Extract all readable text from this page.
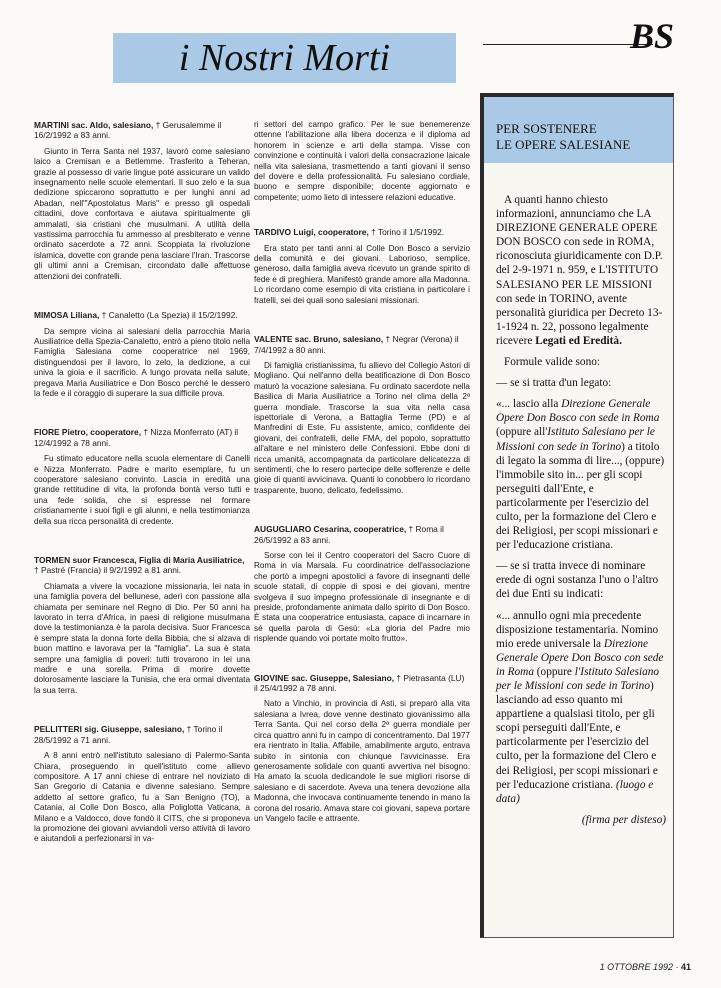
i Nostri Morti
BS

MARTINI sac. Aldo, salesiano, † Gerusalemme il 16/2/1992 a 83 anni.

Giunto in Terra Santa nel 1937, lavorò come salesiano laico a Cremisan e a Betlemme. Trasferito a Teheran, grazie al possesso di varie lingue poté assicurare un valido insegnamento nelle scuole elementari. Il suo zelo e la sua dedizione spiccarono soprattutto e per lunghi anni ad Abadan, nell'"Apostolatus Maris" e presso gli ospedali cittadini, dove confortava e aiutava spiritualmente gli ammalati, sia cristiani che musulmani. A utilità della vastissima parrocchia fu ammesso al presbiterato e venne ordinato sacerdote a 72 anni. Scoppiata la rivoluzione islamica, dovette con grande pena lasciare l'Iran. Trascorse gli ultimi anni a Cremisan, circondato dalle affettuose attenzioni dei confratelli.

MIMOSA Liliana, † Canaletto (La Spezia) il 15/2/1992.

Da sempre vicina ai salesiani della parrocchia Maria Ausiliatrice della Spezia-Canaletto, entrò a pieno titolo nella Famiglia Salesiana come cooperatrice nel 1969, distinguendosi per il lavoro, lo zelo, la dedizione, a cui univa la gioia e il sacrificio. A lungo provata nella salute, pregava Maria Ausiliatrice e Don Bosco perché le dessero la fede e il coraggio di superare la sua difficile prova.

FIORE Pietro, cooperatore, † Nizza Monferrato (AT) il 12/4/1992 a 78 anni.

Fu stimato educatore nella scuola elementare di Canelli e Nizza Monferrato. Padre e marito esemplare, fu un cooperatore salesiano convinto. Lascia in eredità una grande rettitudine di vita, la profonda bontà verso tutti e una fede solida, che si espresse nel formare cristianamente i suoi figli e gli alunni, e nella testimonianza della sua ricca personalità di credente.

TORMEN suor Francesca, Figlia di Maria Ausiliatrice, † Pastré (Francia) il 9/2/1992 a 81 anni.

Chiamata a vivere la vocazione missionaria, lei nata in una famiglia povera del bellunese, aderì con passione alla chiamata per seminare nel Regno di Dio. Per 50 anni ha lavorato in terra d'Africa, in paesi di religione musulmana dove la testimonianza è la parola decisiva. Suor Francesca è sempre stata la donna forte della Bibbia, che si alzava di buon mattino e lavorava per la "famiglia". La sua è stata sempre una famiglia di poveri: tutti trovarono in lei una madre e una sorella. Prima di morire dovette dolorosamente lasciare la Tunisia, che era ormai diventata la sua terra.

PELLITTERI sig. Giuseppe, salesiano, † Torino il 28/5/1992 a 71 anni.

A 8 anni entrò nell'istituto salesiano di Palermo-Santa Chiara, proseguendo in quell'istituto come allievo compositore. A 17 anni chiese di entrare nel noviziato di San Gregorio di Catania e divenne salesiano. Sempre addetto al settore grafico, fu a San Benigno (TO), a Catania, al Colle Don Bosco, alla Poliglotta Vaticana, a Milano e a Valdocco, dove fondò il CITS, che si proponeva la promozione dei giovani avviandoli verso attività di lavoro e aiutandoli a perfezionarsi in va-

ri settori del campo grafico. Per le sue benemerenze ottenne l'abilitazione alla libera docenza e il diploma ad honorem in scienze e arti della stampa. Visse con convinzione e continuità i valori della consacrazione laicale nella vita salesiana, trasmettendo a tanti giovani il senso del dovere e della professionalità. Fu salesiano cordiale, buono e sempre disponibile; docente aggiornato e competente; uomo lieto di intessere relazioni educative.

TARDIVO Luigi, cooperatore, † Torino il 1/5/1992.

Era stato per tanti anni al Colle Don Bosco a servizio della comunità e dei giovani. Laborioso, semplice, generoso, dalla famiglia aveva ricevuto un grande spirito di fede e di preghiera. Manifestò grande amore alla Madonna. Lo ricordano come esempio di vita cristiana in particolare i fratelli, sei dei quali sono salesiani missionari.

VALENTE sac. Bruno, salesiano, † Negrar (Verona) il 7/4/1992 a 80 anni.

Di famiglia cristianissima, fu allievo del Collegio Astori di Mogliano. Qui nell'anno della beatificazione di Don Bosco maturò la vocazione salesiana. Fu ordinato sacerdote nella Basilica di Maria Ausiliatrice a Torino nel clima della 2ª guerra mondiale. Trascorse la sua vita nella casa ispettoriale di Verona, a Battaglia Terme (PD) e al Manfredini di Este. Fu assistente, amico, confidente dei giovani, dei confratelli, delle FMA, del popolo, soprattutto all'altare e nel ministero delle Confessioni. Ebbe doni di ricca umanità, accompagnata da particolare delicatezza di sentimenti, che lo resero partecipe delle sofferenze e delle gioie di quanti avvicinava. Quanti lo conobbero lo ricordano trasparente, buono, delicato, fedelissimo.

AUGUGLIARO Cesarina, cooperatrice, † Roma il 26/5/1992 a 83 anni.

Sorse con lei il Centro cooperatori del Sacro Cuore di Roma in via Marsala. Fu coordinatrice dell'associazione che portò a impegni apostolici a favore di insegnanti delle scuole statali, di coppie di sposi e dei giovani, mentre svolgeva il suo impegno professionale di insegnante e di preside, profondamente animata dallo spirito di Don Bosco. È stata una cooperatrice entusiasta, capace di incarnare in sé quella parola di Gesù: «La gloria del Padre mio risplende quando voi portate molto frutto».

GIOVINE sac. Giuseppe, Salesiano, † Pietrasanta (LU) il 25/4/1992 a 78 anni.

Nato a Vinchio, in provincia di Asti, si preparò alla vita salesiana a Ivrea, dove venne destinato giovanissimo alla Terra Santa. Qui nel corso della 2ª guerra mondiale per circa quattro anni fu in campo di concentramento. Dal 1977 era rientrato in Italia. Affabile, amabilmente arguto, entrava subito in sintonia con chiunque l'avvicinasse. Era generosamente solidale con quanti avvertiva nel bisogno. Ha amato la scuola dedicandole le sue migliori risorse di salesiano e di sacerdote. Aveva una tenera devozione alla Madonna, che invocava continuamente tenendo in mano la corona del rosario. Amava stare coi giovani, sapeva portare un Vangelo facile e attraente.

PER SOSTENERE
LE OPERE SALESIANE

A quanti hanno chiesto informazioni, annunciamo che LA DIREZIONE GENERALE OPERE DON BOSCO con sede in ROMA, riconosciuta giuridicamente con D.P. del 2-9-1971 n. 959, e L'ISTITUTO SALESIANO PER LE MISSIONI con sede in TORINO, avente personalità giuridica per Decreto 13-1-1924 n. 22, possono legalmente ricevere Legati ed Eredità.

Formule valide sono:

— se si tratta d'un legato:

«... lascio alla Direzione Generale Opere Don Bosco con sede in Roma (oppure all'Istituto Salesiano per le Missioni con sede in Torino) a titolo di legato la somma di lire..., (oppure) l'immobile sito in... per gli scopi perseguiti dall'Ente, e particolarmente per l'esercizio del culto, per la formazione del Clero e dei Religiosi, per scopi missionari e per l'educazione cristiana.

— se si tratta invece di nominare erede di ogni sostanza l'uno o l'altro dei due Enti su indicati:

«... annullo ogni mia precedente disposizione testamentaria. Nomino mio erede universale la Direzione Generale Opere Don Bosco con sede in Roma (oppure l'Istituto Salesiano per le Missioni con sede in Torino) lasciando ad esso quanto mi appartiene a qualsiasi titolo, per gli scopi perseguiti dall'Ente, e particolarmente per l'esercizio del culto, per la formazione del Clero e dei Religiosi, per scopi missionari e per l'educazione cristiana. (luogo e data)

(firma per disteso)

1 OTTOBRE 1992 · 41
